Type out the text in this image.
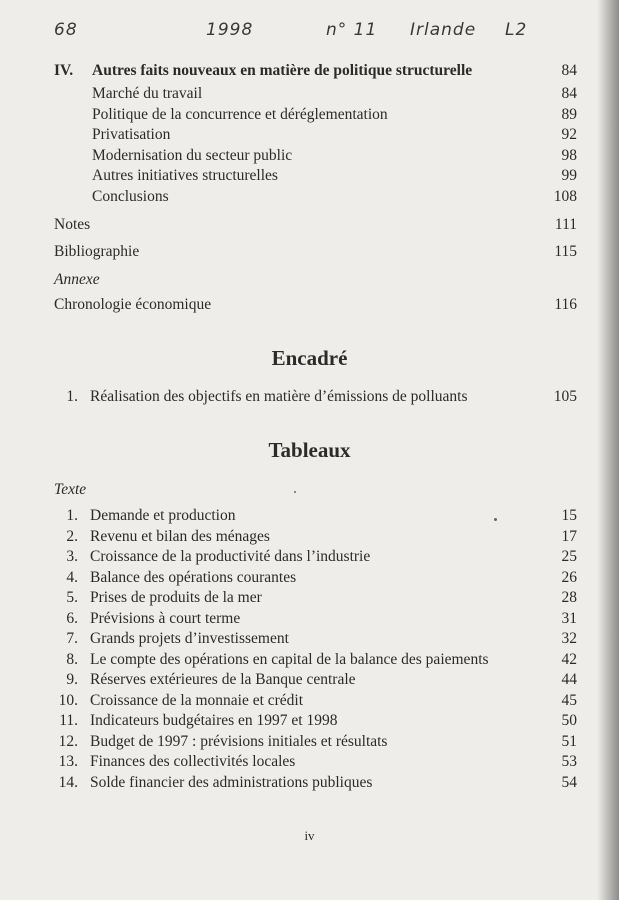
68	1998	n° 11 Irlande L2
IV. Autres faits nouveaux en matière de politique structurelle	84
Marché du travail	84
Politique de la concurrence et déréglementation	89
Privatisation	92
Modernisation du secteur public	98
Autres initiatives structurelles	99
Conclusions	108
Notes	111
Bibliographie	115
Annexe
Chronologie économique	116
Encadré
1. Réalisation des objectifs en matière d’émissions de polluants	105
Tableaux
Texte
1. Demande et production	15
2. Revenu et bilan des ménages	17
3. Croissance de la productivité dans l’industrie	25
4. Balance des opérations courantes	26
5. Prises de produits de la mer	28
6. Prévisions à court terme	31
7. Grands projets d’investissement	32
8. Le compte des opérations en capital de la balance des paiements	42
9. Réserves extérieures de la Banque centrale	44
10. Croissance de la monnaie et crédit	45
11. Indicateurs budgétaires en 1997 et 1998	50
12. Budget de 1997 : prévisions initiales et résultats	51
13. Finances des collectivités locales	53
14. Solde financier des administrations publiques	54
iv
